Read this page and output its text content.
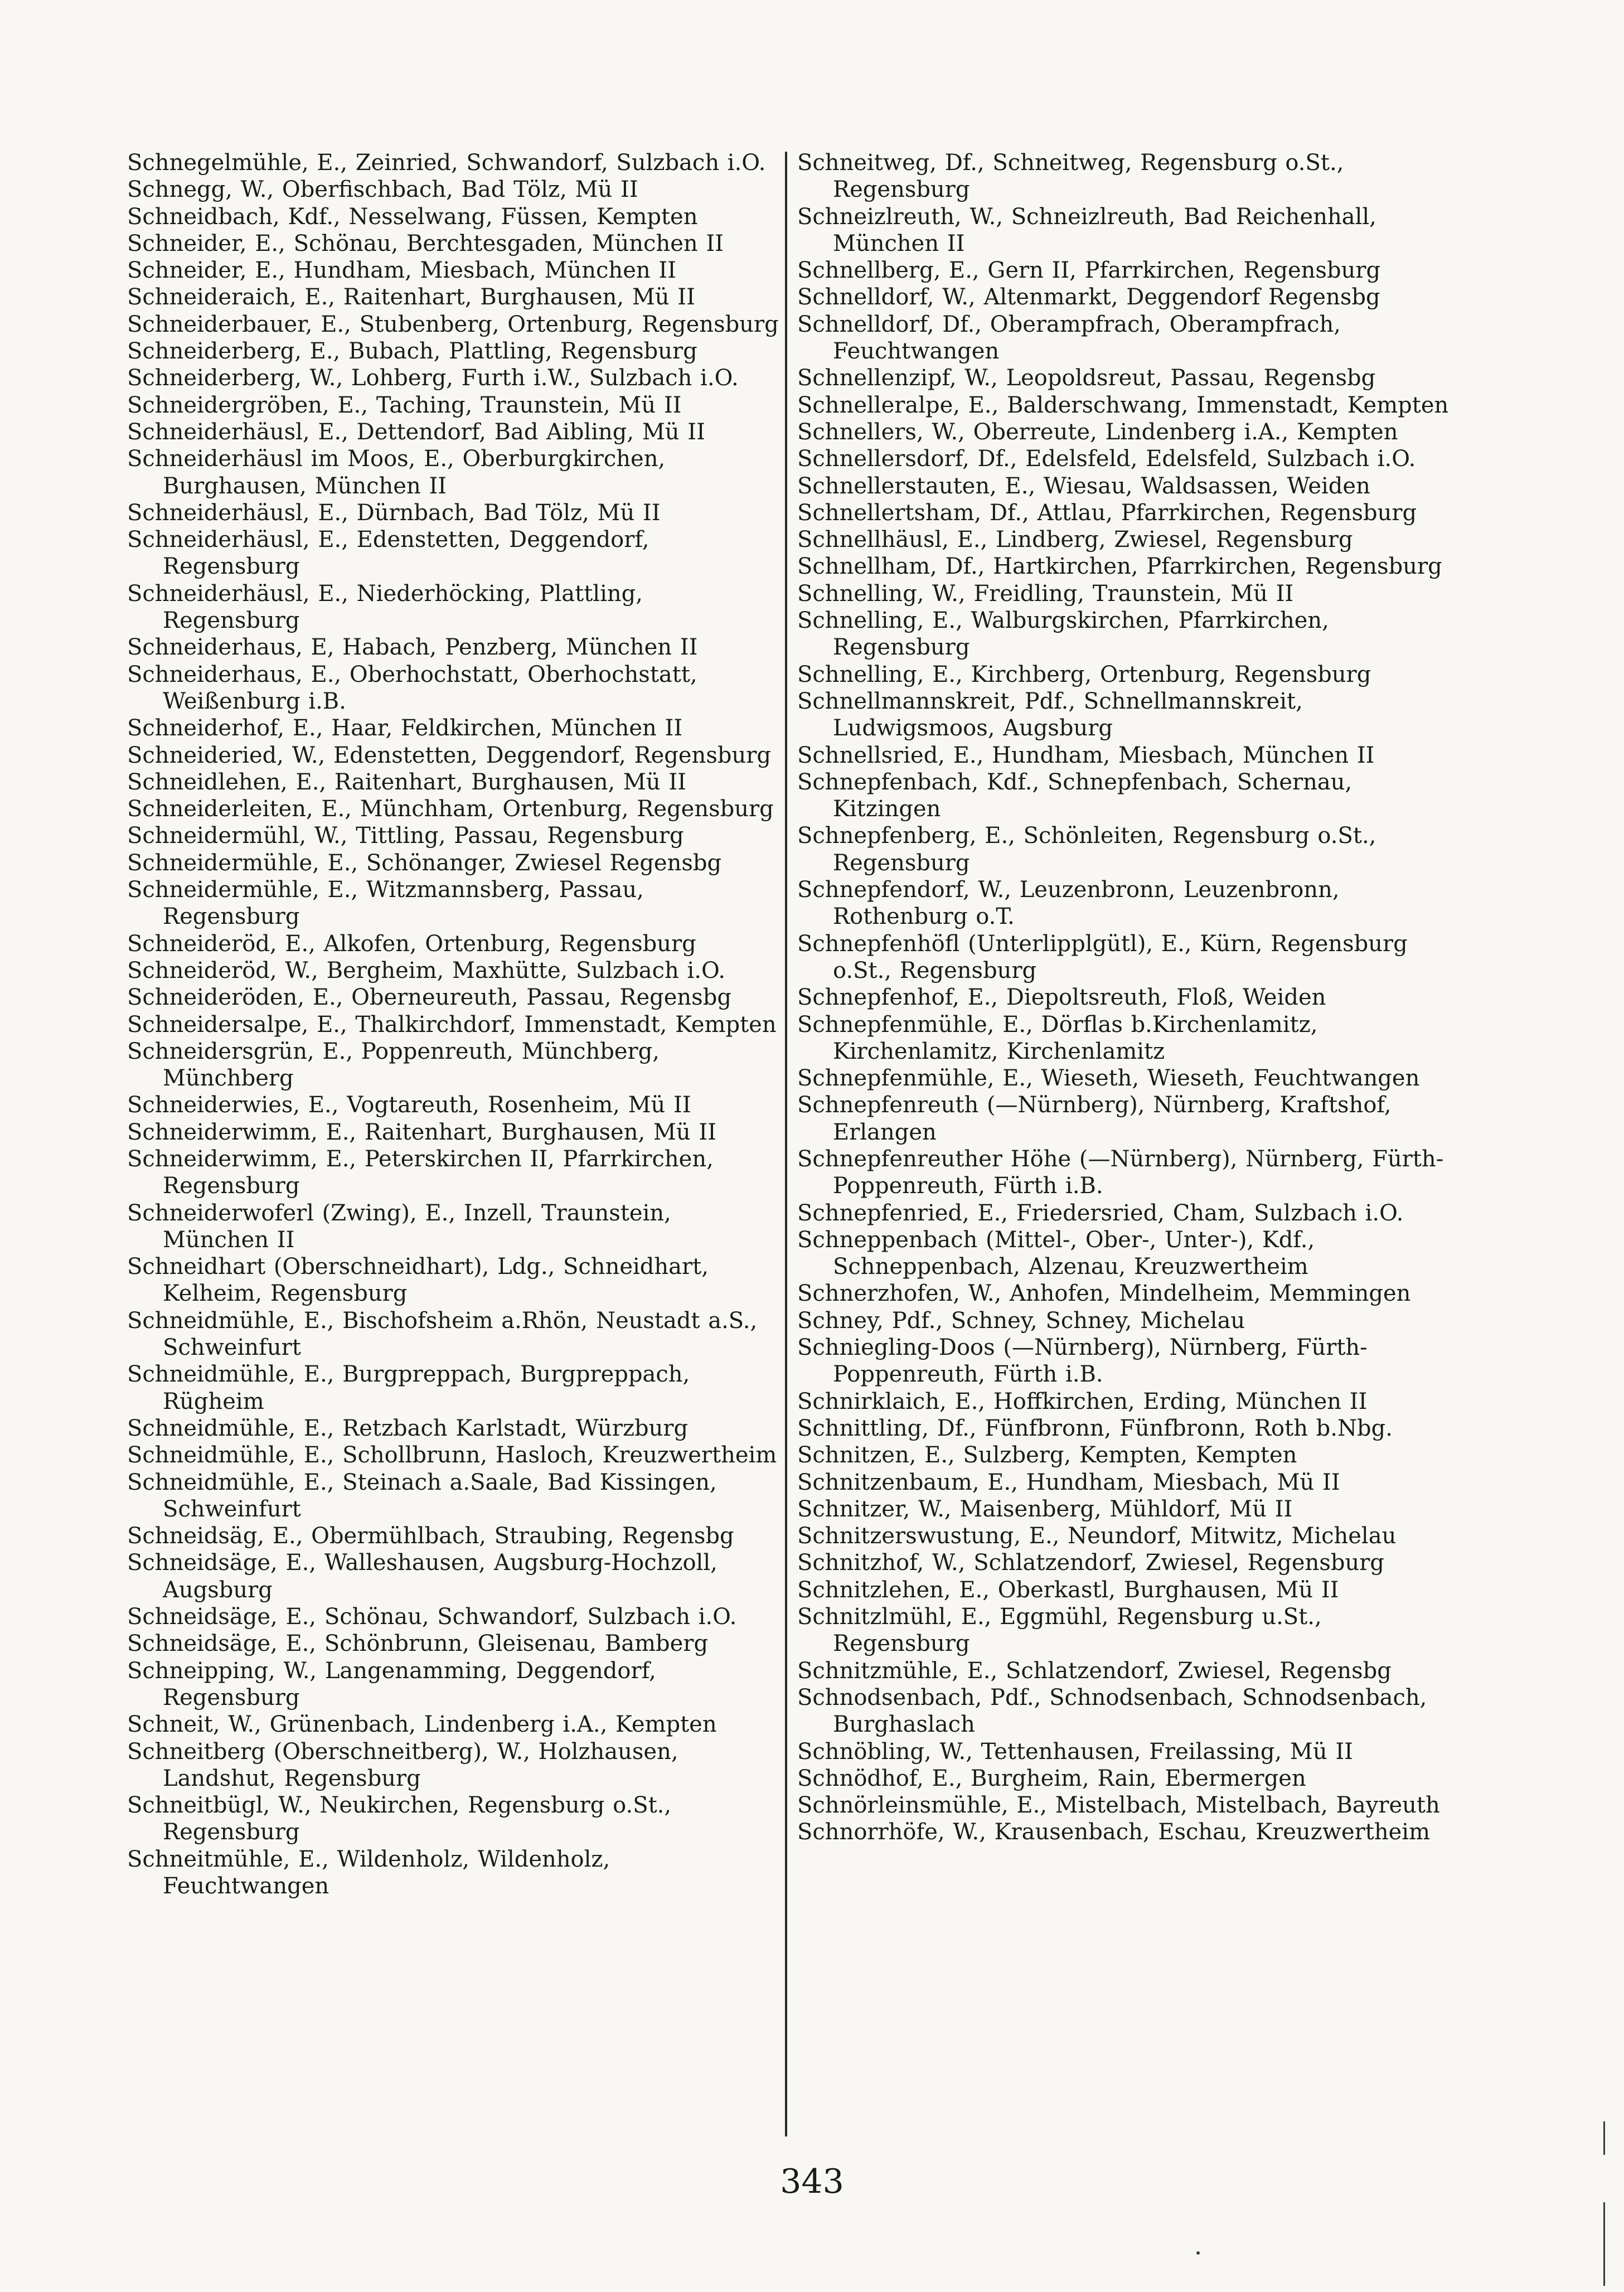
Schnegelmühle, E., Zeinried, Schwandorf, Sulzbach i.O.
Schnegg, W., Oberfischbach, Bad Tölz, Mü II
Schneidbach, Kdf., Nesselwang, Füssen, Kempten
Schneider, E., Schönau, Berchtesgaden, München II
Schneider, E., Hundham, Miesbach, München II
Schneideraich, E., Raitenhart, Burghausen, Mü II
Schneiderbauer, E., Stubenberg, Ortenburg, Regensburg
Schneiderberg, E., Bubach, Plattling, Regensburg
Schneiderberg, W., Lohberg, Furth i.W., Sulzbach i.O.
Schneidergröben, E., Taching, Traunstein, Mü II
Schneiderhäusl, E., Dettendorf, Bad Aibling, Mü II
Schneiderhäusl im Moos, E., Oberburgkirchen, Burghausen, München II
Schneiderhäusl, E., Dürnbach, Bad Tölz, Mü II
Schneiderhäusl, E., Edenstetten, Deggendorf, Regensburg
Schneiderhäusl, E., Niederhöcking, Plattling, Regensburg
Schneiderhaus, E, Habach, Penzberg, München II
Schneiderhaus, E., Oberhochstatt, Oberhochstatt, Weißenburg i.B.
Schneiderhof, E., Haar, Feldkirchen, München II
Schneideried, W., Edenstetten, Deggendorf, Regensburg
Schneidlehen, E., Raitenhart, Burghausen, Mü II
Schneiderleiten, E., Münchham, Ortenburg, Regensburg
Schneidermühl, W., Tittling, Passau, Regensburg
Schneidermühle, E., Schönanger, Zwiesel Regensbg
Schneidermühle, E., Witzmannsberg, Passau, Regensburg
Schneideröd, E., Alkofen, Ortenburg, Regensburg
Schneideröd, W., Bergheim, Maxhütte, Sulzbach i.O.
Schneideröden, E., Oberneureuth, Passau, Regensbg
Schneidersalpe, E., Thalkirchdorf, Immenstadt, Kempten
Schneidersgrün, E., Poppenreuth, Münchberg, Münchberg
Schneiderwies, E., Vogtareuth, Rosenheim, Mü II
Schneiderwimm, E., Raitenhart, Burghausen, Mü II
Schneiderwimm, E., Peterskirchen II, Pfarrkirchen, Regensburg
Schneiderwoferl (Zwing), E., Inzell, Traunstein, München II
Schneidhart (Oberschneidhart), Ldg., Schneidhart, Kelheim, Regensburg
Schneidmühle, E., Bischofsheim a.Rhön, Neustadt a.S., Schweinfurt
Schneidmühle, E., Burgpreppach, Burgpreppach, Rügheim
Schneidmühle, E., Retzbach Karlstadt, Würzburg
Schneidmühle, E., Schollbrunn, Hasloch, Kreuzwertheim
Schneidmühle, E., Steinach a.Saale, Bad Kissingen, Schweinfurt
Schneidsäg, E., Obermühlbach, Straubing, Regensbg
Schneidsäge, E., Walleshausen, Augsburg-Hochzoll, Augsburg
Schneidsäge, E., Schönau, Schwandorf, Sulzbach i.O.
Schneidsäge, E., Schönbrunn, Gleisenau, Bamberg
Schneipping, W., Langenamming, Deggendorf, Regensburg
Schneit, W., Grünenbach, Lindenberg i.A., Kempten
Schneitberg (Oberschneitberg), W., Holzhausen, Landshut, Regensburg
Schneitbügl, W., Neukirchen, Regensburg o.St., Regensburg
Schneitmühle, E., Wildenholz, Wildenholz, Feuchtwangen
Schneitweg, Df., Schneitweg, Regensburg o.St., Regensburg
Schneizlreuth, W., Schneizlreuth, Bad Reichenhall, München II
Schnellberg, E., Gern II, Pfarrkirchen, Regensburg
Schnelldorf, W., Altenmarkt, Deggendorf Regensbg
Schnelldorf, Df., Oberampfrach, Oberampfrach, Feuchtwangen
Schnellenzipf, W., Leopoldsreut, Passau, Regensbg
Schnelleralpe, E., Balderschwang, Immenstadt, Kempten
Schnellers, W., Oberreute, Lindenberg i.A., Kempten
Schnellersdorf, Df., Edelsfeld, Edelsfeld, Sulzbach i.O.
Schnellerstauten, E., Wiesau, Waldsassen, Weiden
Schnellertsham, Df., Attlau, Pfarrkirchen, Regensburg
Schnellhäusl, E., Lindberg, Zwiesel, Regensburg
Schnellham, Df., Hartkirchen, Pfarrkirchen, Regensburg
Schnelling, W., Freidling, Traunstein, Mü II
Schnelling, E., Walburgskirchen, Pfarrkirchen, Regensburg
Schnelling, E., Kirchberg, Ortenburg, Regensburg
Schnellmannskreit, Pdf., Schnellmannskreit, Ludwigsmoos, Augsburg
Schnellsried, E., Hundham, Miesbach, München II
Schnepfenbach, Kdf., Schnepfenbach, Schernau, Kitzingen
Schnepfenberg, E., Schönleiten, Regensburg o.St., Regensburg
Schnepfendorf, W., Leuzenbronn, Leuzenbronn, Rothenburg o.T.
Schnepfenhöfl (Unterlipplgütl), E., Kürn, Regensburg o.St., Regensburg
Schnepfenhof, E., Diepoltsreuth, Floß, Weiden
Schnepfenmühle, E., Dörflas b.Kirchenlamitz, Kirchenlamitz, Kirchenlamitz
Schnepfenmühle, E., Wieseth, Wieseth, Feuchtwangen
Schnepfenreuth (—Nürnberg), Nürnberg, Kraftshof, Erlangen
Schnepfenreuther Höhe (—Nürnberg), Nürnberg, Fürth-Poppenreuth, Fürth i.B.
Schnepfenried, E., Friedersried, Cham, Sulzbach i.O.
Schneppenbach (Mittel-, Ober-, Unter-), Kdf., Schneppenbach, Alzenau, Kreuzwertheim
Schnerzhofen, W., Anhofen, Mindelheim, Memmingen
Schney, Pdf., Schney, Schney, Michelau
Schniegling-Doos (—Nürnberg), Nürnberg, Fürth-Poppenreuth, Fürth i.B.
Schnirklaich, E., Hoffkirchen, Erding, München II
Schnittling, Df., Fünfbronn, Fünfbronn, Roth b.Nbg.
Schnitzen, E., Sulzberg, Kempten, Kempten
Schnitzenbaum, E., Hundham, Miesbach, Mü II
Schnitzer, W., Maisenberg, Mühldorf, Mü II
Schnitzerswustung, E., Neundorf, Mitwitz, Michelau
Schnitzhof, W., Schlatzendorf, Zwiesel, Regensburg
Schnitzlehen, E., Oberkastl, Burghausen, Mü II
Schnitzlmühl, E., Eggmühl, Regensburg u.St., Regensburg
Schnitzmühle, E., Schlatzendorf, Zwiesel, Regensbg
Schnodsenbach, Pdf., Schnodsenbach, Schnodsenbach, Burghaslach
Schnöbling, W., Tettenhausen, Freilassing, Mü II
Schnödhof, E., Burgheim, Rain, Ebermergen
Schnörleinsmühle, E., Mistelbach, Mistelbach, Bayreuth
Schnorrhöfe, W., Krausenbach, Eschau, Kreuzwertheim
343
